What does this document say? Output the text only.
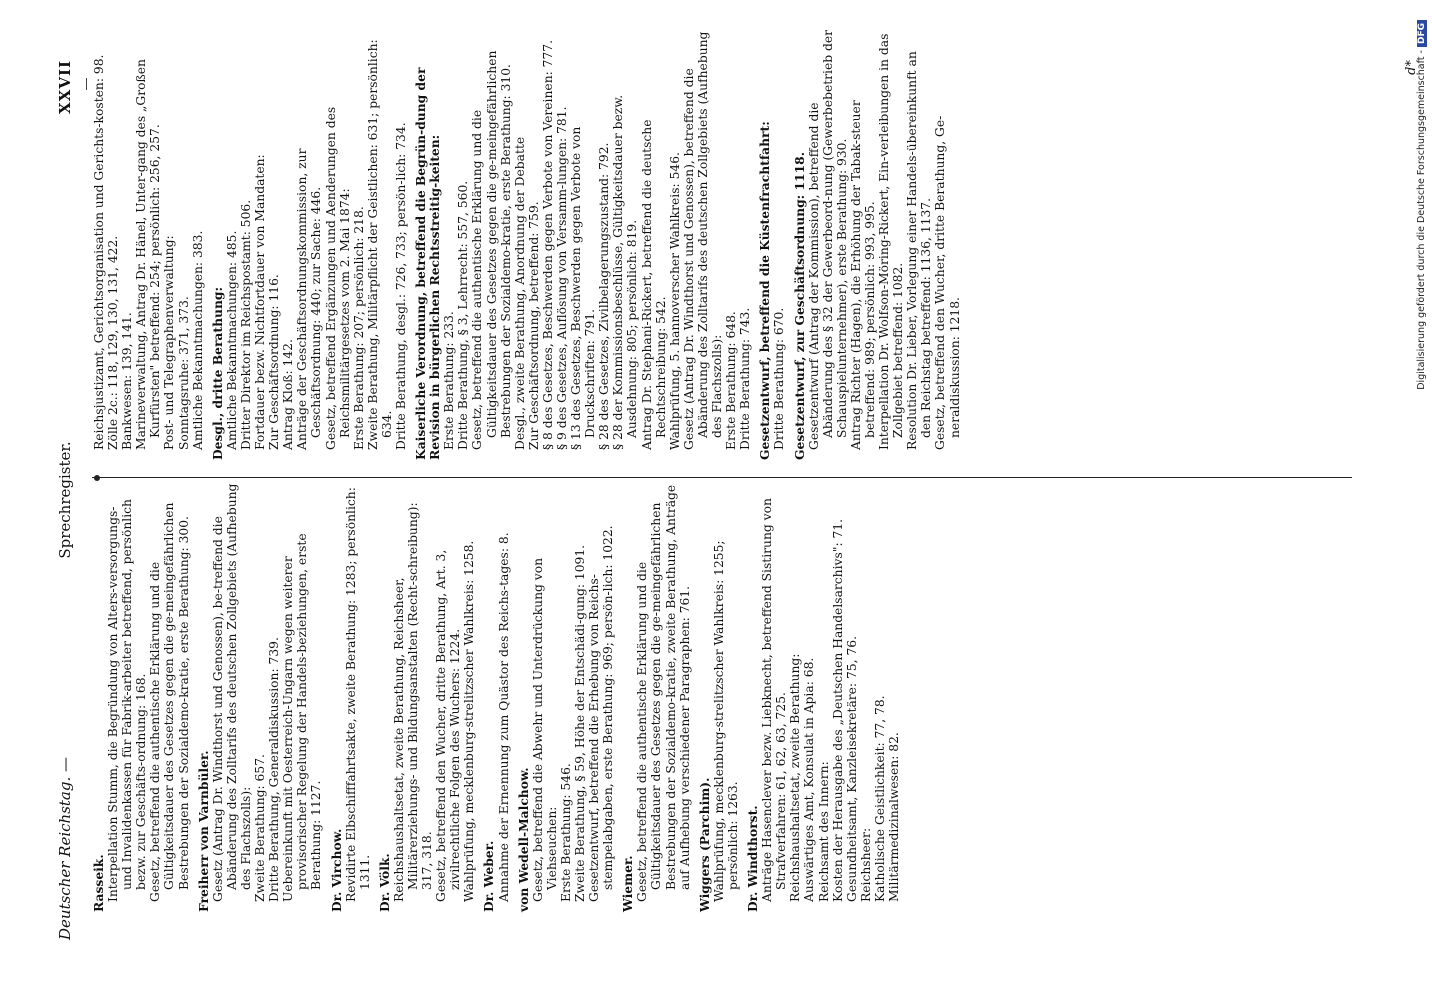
Deutscher Reichstag. —
Sprechregister.
XXVII
Rasseik. Interpellation Stumm, die Begründung von Alters-versorgungs- und Invalidenkassen für Fabrik-arbeiter betreffend, persönlich bezw. zur Geschäfts-ordnung: 168. Gesetz, betreffend die authentische Erklärung und die Gültigkeitsdauer des Gesetzes gegen die ge-meingefährlichen Bestrebungen der Sozialdemo-kratie, erste Berathung: 300. Freiherr von Varnbüler. Gesetz (Antrag Dr. Windthorst und Genossen), be-treffend die Abänderung des Zolltarifs des deutschen Zollgebiets (Aufhebung des Flachszolls): Zweite Berathung: 657. Dritte Berathung, Generaldiskussion: 739. Uebereinkunft mit Oesterreich-Ungarn wegen weiterer provisorischer Regelung der Handels-beziehungen, erste Berathung: 1127. Dr. Virchow. Revidirte Elbschifffahrtsakte, zweite Berathung: 1283; persönlich: 1311. Dr. Völk. Reichshaushaltsetat, zweite Berathung, Reichsheer, Militärerziehungs- und Bildungsanstalten (Recht-schreibung): 317, 318. Gesetz, betreffend den Wucher, dritte Berathung, Art. 3, zivilrechtliche Folgen des Wuchers: 1224. Wahlprüfung, mecklenburg-strelitzscher Wahlkreis: 1258. Dr. Weber. Annahme der Ernennung zum Quästor des Reichs-tages: 8. von Wedell-Malchow. Gesetz, betreffend die Abwehr und Unterdrückung von Viehseuchen: Erste Berathung: 546. Zweite Berathung, § 59, Höhe der Entschädi-gung: 1091. Gesetzentwurf, betreffend die Erhebung von Reichs-stempelabgaben, erste Berathung: 969; persön-lich: 1022. Wiemer. Gesetz, betreffend die authentische Erklärung und die Gültigkeitsdauer des Gesetzes gegen die ge-meingefährlichen Bestrebungen der Sozialdemo-kratie, zweite Berathung, Anträge auf Aufhebung verschiedener Paragraphen: 761. Wiggers (Parchim). Wahlprüfung, mecklenburg-strelitzscher Wahlkreis: 1255; persönlich: 1263. Dr. Windthorst. Anträge Hasenclever bezw. Liebknecht, betreffend Sistirung von Strafverfahren: 61, 62, 63, 725. Reichshaushaltsetat, zweite Berathung: Auswärtiges Amt, Konsulat in Apia: 68. Reichsamt des Innern: Kosten der Herausgabe des „Deutschen Handelsarchivs": 71. Gesundheitsamt, Kanzleisekretäre: 75, 76. Reichsheer: Katholische Geistlichkeit: 77, 78. Militärmedizinalwesen: 82.
Reichsjustizamt, Gerichtsorganisation und Gerichts-kosten: 98. Zölle 2c.: 118, 129, 130, 131, 422. Bankwesen: 139, 141. Marineverwaltung, Antrag Dr. Hänel, Unter-gang des „Großen Kurfürsten" betreffend: 254; persönlich: 256, 257. Post- und Telegraphenverwaltung: Sonntagsruhe: 371, 373. Amtliche Bekanntmachungen: 383. Desgl., dritte Berathung: Amtliche Bekanntmachungen: 485. Dritter Direktor im Reichspostamt: 506. Fortdauer bezw. Nichtfortdauer von Mandaten: Zur Geschäftsordnung: 116. Antrag Kloß: 142. Anträge der Geschäftsordnungskommission, zur Geschäftsordnung: 440; zur Sache: 446. Gesetz, betreffend Ergänzungen und Aenderungen des Reichsmilitärgesetzes vom 2. Mai 1874: Erste Berathung: 207; persönlich: 218. Zweite Berathung, Militärpflicht der Geistlichen: 631; persönlich: 634. Dritte Berathung, desgl.: 726, 733; persön-lich: 734. Kaiserliche Verordnung, betreffend die Begrün-dung der Revision in bürgerlichen Rechtsstreitig-keiten: Erste Berathung: 233. Dritte Berathung, § 3, Lehrrecht: 557, 560. Gesetz, betreffend die authentische Erklärung und die Gültigkeitsdauer des Gesetzes gegen die ge-meingefährlichen Bestrebungen der Sozialdemo-kratie, erste Berathung: 310. Desgl., zweite Berathung, Anordnung der Debatte Zur Geschäftsordnung, betreffend: 759. § 8 des Gesetzes, Beschwerden gegen Verbote von Vereinen: 777. § 9 des Gesetzes, Auflösung von Versamm-lungen: 781. § 13 des Gesetzes, Beschwerden gegen Verbote von Druckschriften: 791. § 28 des Gesetzes, Zivilbelagerungszustand: 792. § 28 der Kommissionsbeschlüsse, Gültigkeitsdauer bezw. Ausdehnung: 805; persönlich: 819. Antrag Dr. Stephani-Rickert, betreffend die deutsche Rechtschreibung: 542. Wahlprüfung, 5. hannoverscher Wahlkreis: 546. Gesetz (Antrag Dr. Windthorst und Genossen), betreffend die Abänderung des Zolltarifs des deutschen Zollgebiets (Aufhebung des Flachszolls): Erste Berathung: 648. Dritte Berathung: 743. Gesetzentwurf, betreffend die Küstenfrachtfahrt: Dritte Berathung: 670. Gesetzentwurf, zur Geschäftsordnung: 1118. Gesetzentwurf (Antrag der Kommission), betreffend die Abänderung des § 32 der Gewerbeord-nung (Gewerbebetrieb der Schauspielunternehmer), erste Berathung: 930. Antrag Richter (Hagen), die Erhöhung der Tabak-steuer betreffend: 989; persönlich: 993, 995. Interpellation Dr. Wolfson-Möring-Rickert, Ein-verleibungen in das Zollgebiet betreffend: 1082. Resolution Dr. Lieber, Vorlegung einer Handels-übereinkunft an den Reichstag betreffend: 1136, 1137. Gesetz, betreffend den Wucher, dritte Berathung, Ge-neraldiskussion: 1218.
d*
Digitalisierung gefördert durch die Deutsche Forschungsgemeinschaft -DFG
